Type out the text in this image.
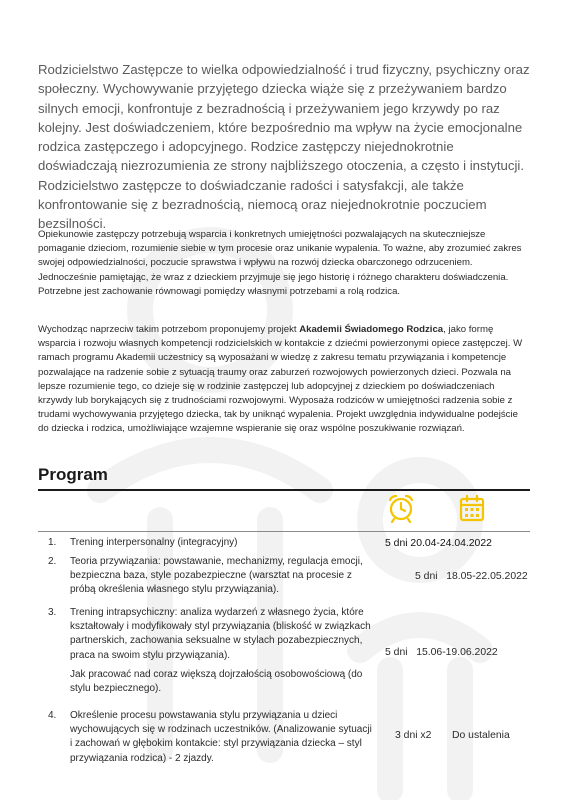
Rodzicielstwo Zastępcze to wielka odpowiedzialność i trud fizyczny, psychiczny oraz społeczny. Wychowywanie przyjętego dziecka wiąże się z przeżywaniem bardzo silnych emocji, konfrontuje z bezradnością i przeżywaniem jego krzywdy po raz kolejny. Jest doświadczeniem, które bezpośrednio ma wpływ na życie emocjonalne rodzica zastępczego i adopcyjnego. Rodzice zastępczy niejednokrotnie doświadczają niezrozumienia ze strony najbliższego otoczenia, a często i instytucji. Rodzicielstwo zastępcze to doświadczanie radości i satysfakcji, ale także konfrontowanie się z bezradnością, niemocą oraz niejednokrotnie poczuciem bezsilności.

Opiekunowie zastępczy potrzebują wsparcia i konkretnych umiejętności pozwalających na skuteczniejsze pomaganie dzieciom, rozumienie siebie w tym procesie oraz unikanie wypalenia. To ważne, aby zrozumieć zakres swojej odpowiedzialności, poczucie sprawstwa i wpływu na rozwój dziecka obarczonego odrzuceniem. Jednocześnie pamiętając, że wraz z dzieckiem przyjmuje się jego historię i różnego charakteru doświadczenia. Potrzebne jest zachowanie równowagi pomiędzy własnymi potrzebami a rolą rodzica.

Wychodząc naprzeciw takim potrzebom proponujemy projekt Akademii Świadomego Rodzica, jako formę wsparcia i rozwoju własnych kompetencji rodzicielskich w kontakcie z dziećmi powierzonymi opiece zastępczej. W ramach programu Akademii uczestnicy są wyposażani w wiedzę z zakresu tematu przywiązania i kompetencje pozwalające na radzenie sobie z sytuacją traumy oraz zaburzeń rozwojowych powierzonych dzieci. Pozwala na lepsze rozumienie tego, co dzieje się w rodzinie zastępczej lub adopcyjnej z dzieckiem po doświadczeniach krzywdy lub borykających się z trudnościami rozwojowymi. Wyposaża rodziców w umiejętności radzenia sobie z trudami wychowywania przyjętego dziecka, tak by uniknąć wypalenia. Projekt uwzględnia indywidualne podejście do dziecka i rodzica, umożliwiające wzajemne wspieranie się oraz wspólne poszukiwanie rozwiązań.

Program
1. Trening interpersonalny (integracyjny)	5 dni 20.04-24.04.2022
2. Teoria przywiązania: powstawanie, mechanizmy, regulacja emocji, bezpieczna baza, style pozabezpieczne (warsztat na procesie z próbą określenia własnego stylu przywiązania).

5 dni   18.05-22.05.2022
3. Trening intrapsychiczny: analiza wydarzeń z własnego życia, które kształtowały i modyfikowały styl przywiązania (bliskość w związkach partnerskich, zachowania seksualne w stylach pozabezpiecznych, praca na swoim stylu przywiązania).

Jak pracować nad coraz większą dojrzałością osobowościową (do stylu bezpiecznego).

5 dni   15.06-19.06.2022
4. Określenie procesu powstawania stylu przywiązania u dzieci wychowujących się w rodzinach uczestników. (Analizowanie sytuacji i zachowań w głębokim kontakcie: styl przywiązania dziecka – styl przywiązania rodzica) - 2 zjazdy.

3 dni x2 Do ustalenia
